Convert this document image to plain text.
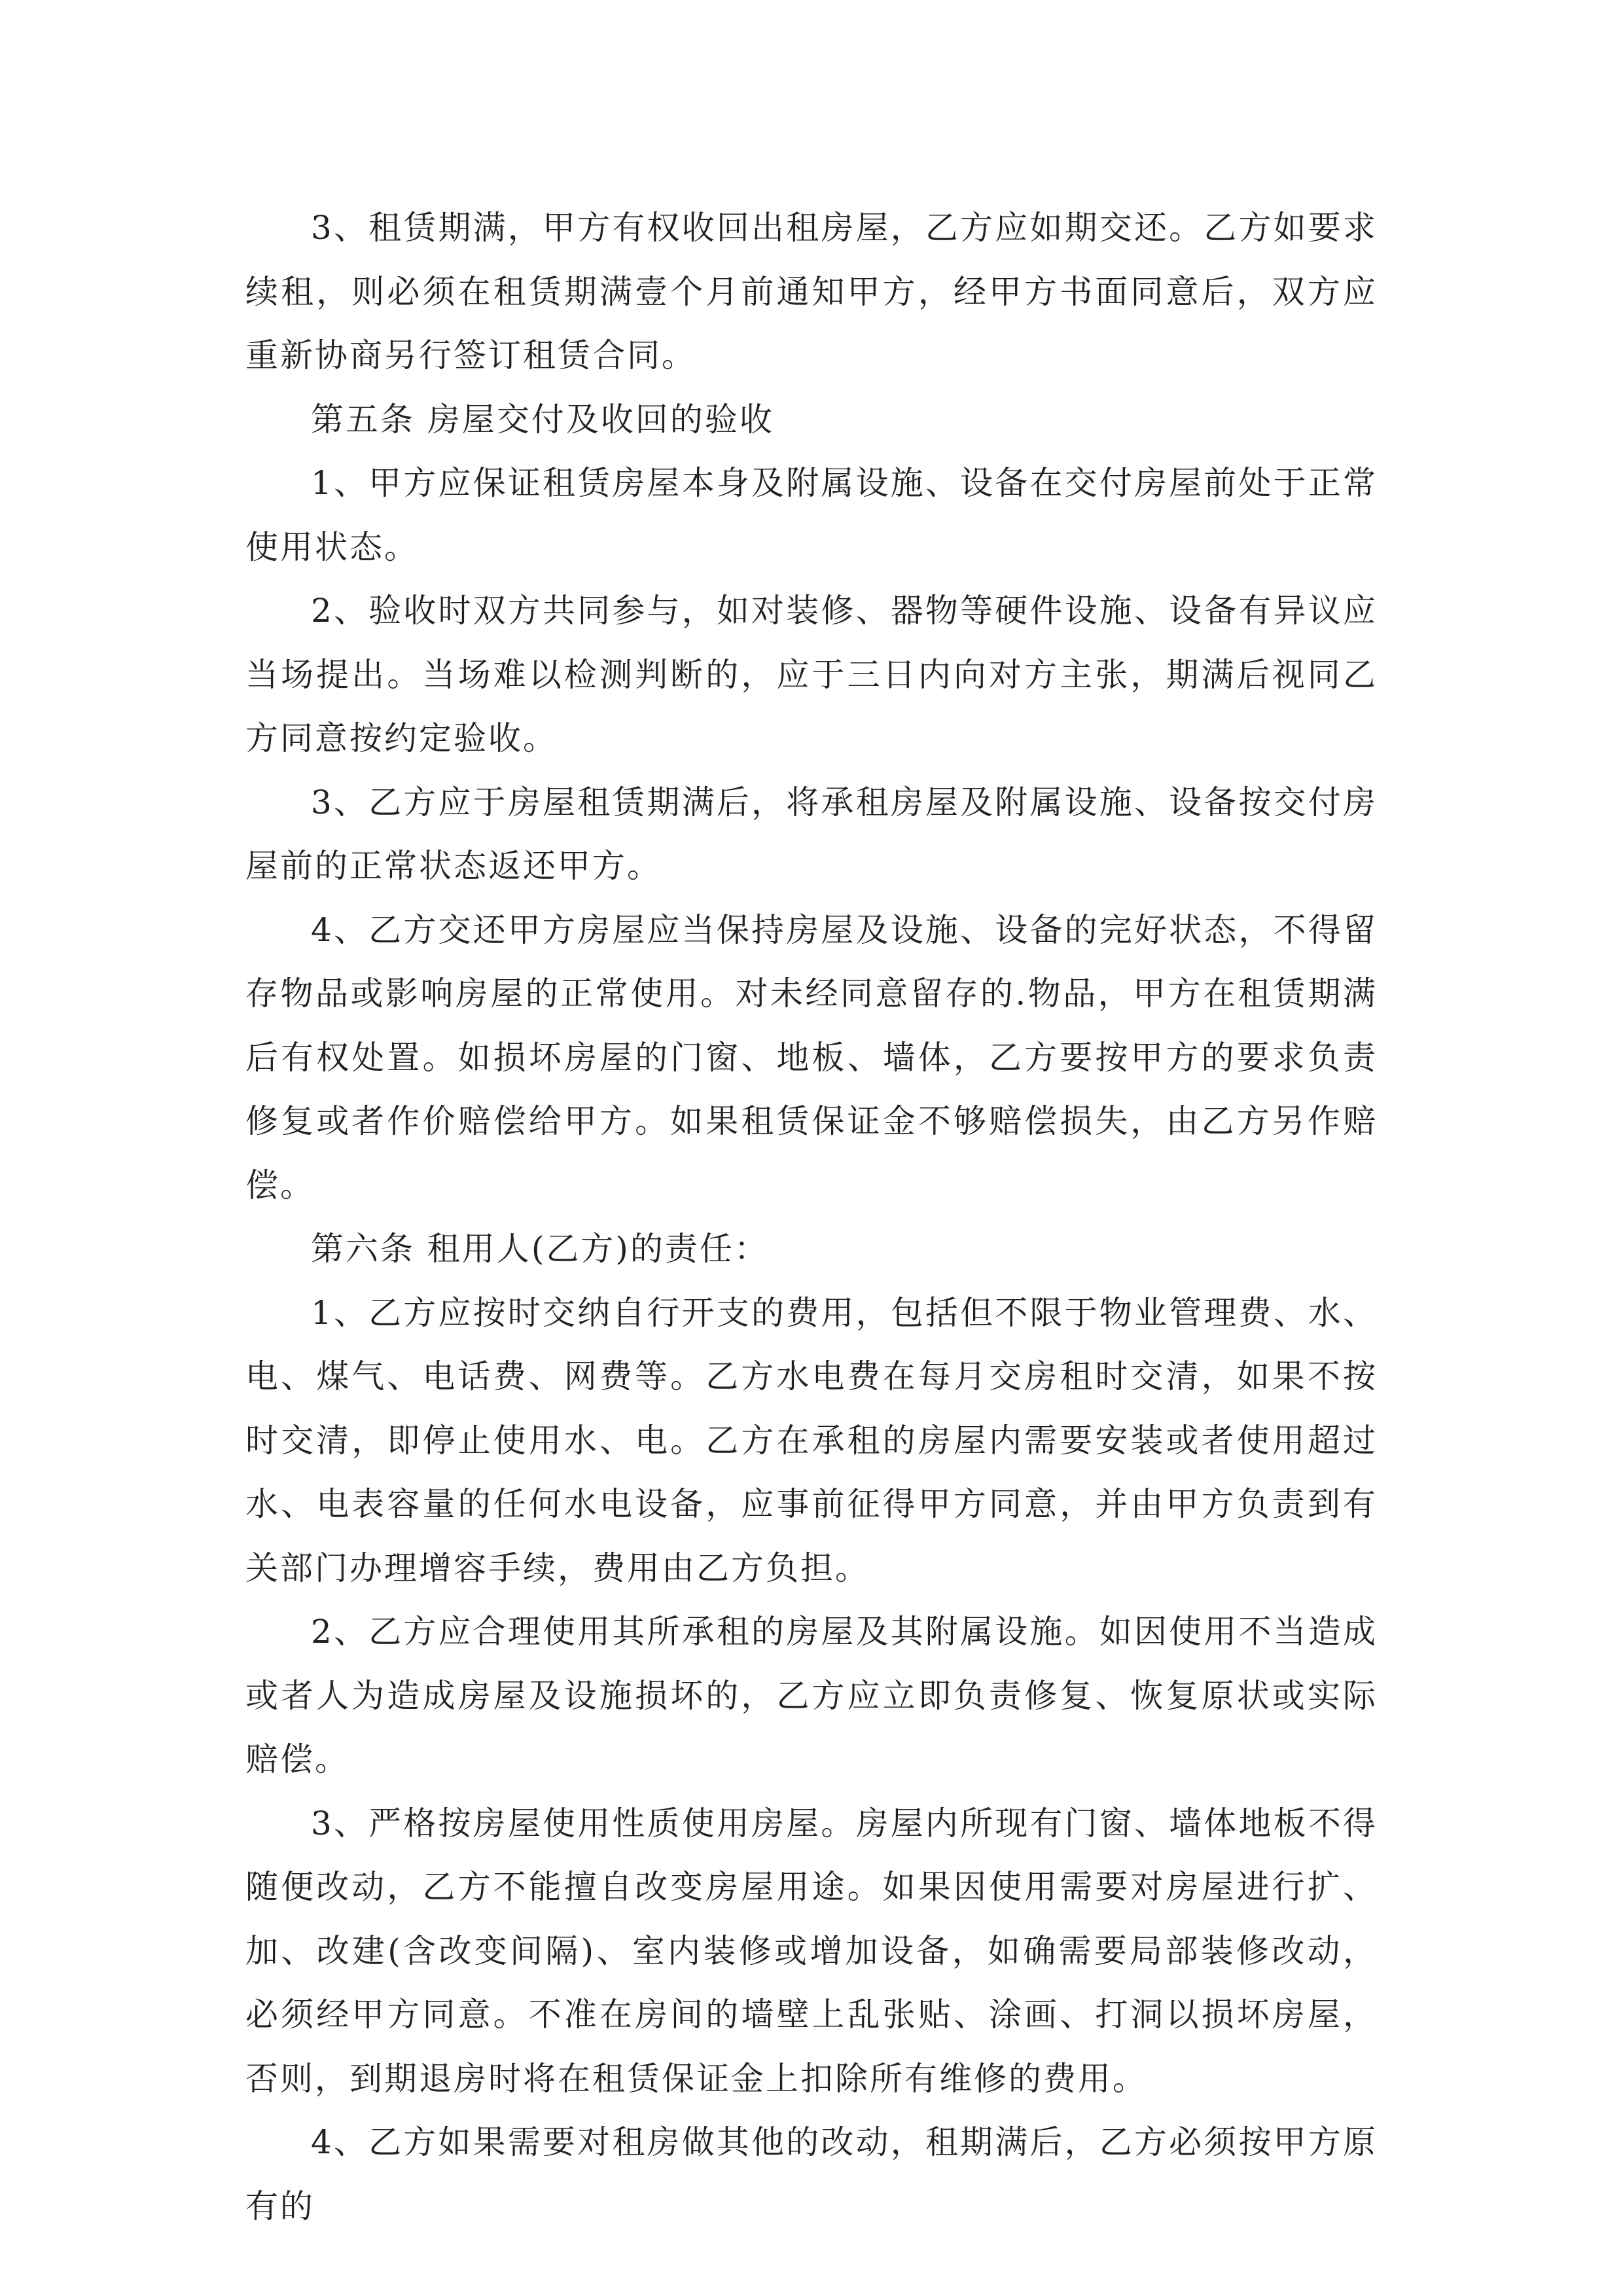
3、租赁期满，甲方有权收回出租房屋，乙方应如期交还。乙方如要求续租，则必须在租赁期满壹个月前通知甲方，经甲方书面同意后，双方应重新协商另行签订租赁合同。

第五条 房屋交付及收回的验收

1、甲方应保证租赁房屋本身及附属设施、设备在交付房屋前处于正常使用状态。

2、验收时双方共同参与，如对装修、器物等硬件设施、设备有异议应当场提出。当场难以检测判断的，应于三日内向对方主张，期满后视同乙方同意按约定验收。

3、乙方应于房屋租赁期满后，将承租房屋及附属设施、设备按交付房屋前的正常状态返还甲方。

4、乙方交还甲方房屋应当保持房屋及设施、设备的完好状态，不得留存物品或影响房屋的正常使用。对未经同意留存的.物品，甲方在租赁期满后有权处置。如损坏房屋的门窗、地板、墙体，乙方要按甲方的要求负责修复或者作价赔偿给甲方。如果租赁保证金不够赔偿损失，由乙方另作赔偿。

第六条 租用人(乙方)的责任：

1、乙方应按时交纳自行开支的费用，包括但不限于物业管理费、水、电、煤气、电话费、网费等。乙方水电费在每月交房租时交清，如果不按时交清，即停止使用水、电。乙方在承租的房屋内需要安装或者使用超过水、电表容量的任何水电设备，应事前征得甲方同意，并由甲方负责到有关部门办理增容手续，费用由乙方负担。

2、乙方应合理使用其所承租的房屋及其附属设施。如因使用不当造成或者人为造成房屋及设施损坏的，乙方应立即负责修复、恢复原状或实际赔偿。

3、严格按房屋使用性质使用房屋。房屋内所现有门窗、墙体地板不得随便改动，乙方不能擅自改变房屋用途。如果因使用需要对房屋进行扩、加、改建(含改变间隔)、室内装修或增加设备，如确需要局部装修改动，必须经甲方同意。不准在房间的墙壁上乱张贴、涂画、打洞以损坏房屋，否则，到期退房时将在租赁保证金上扣除所有维修的费用。

4、乙方如果需要对租房做其他的改动，租期满后，乙方必须按甲方原有的
